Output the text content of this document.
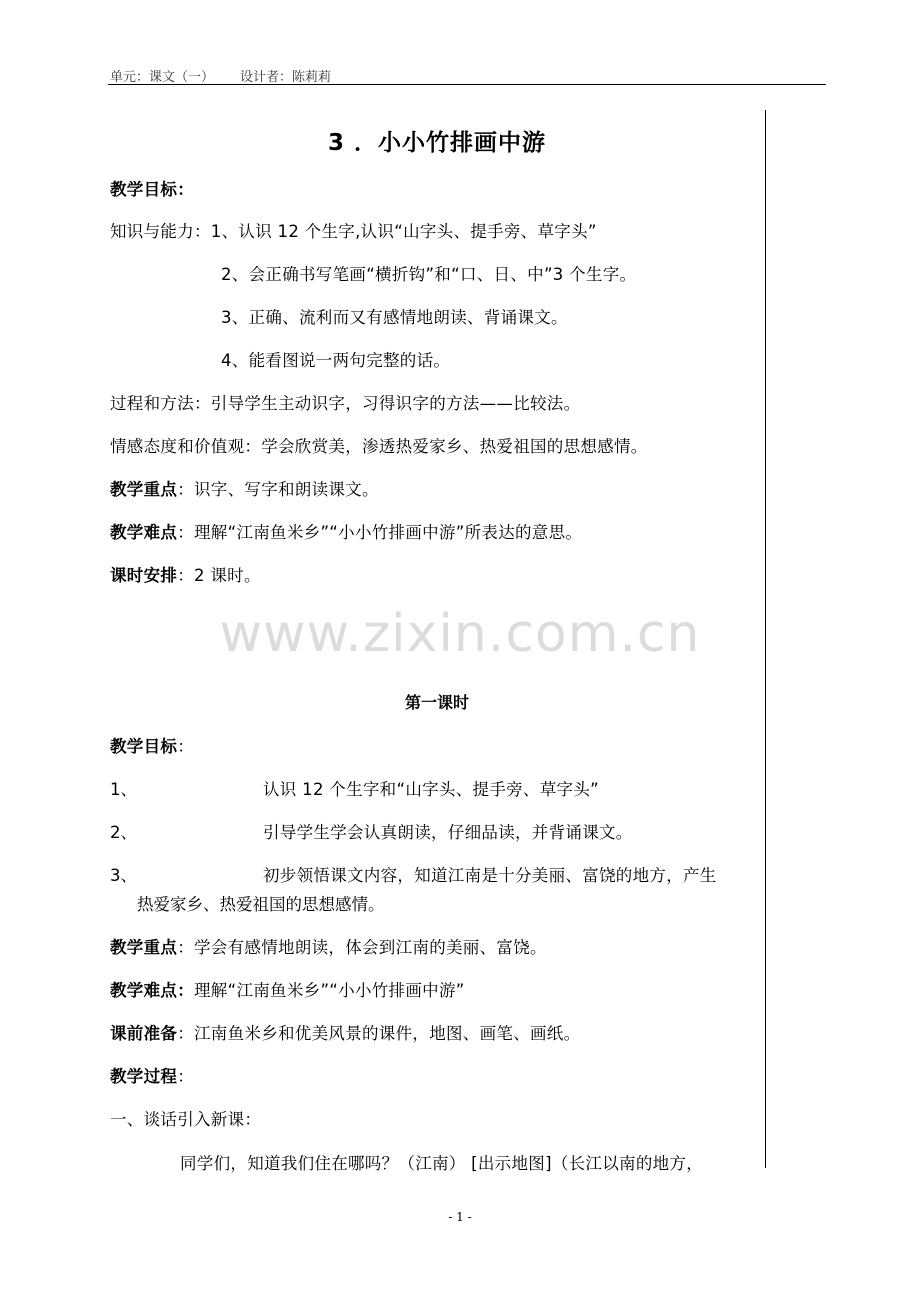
单元：课文（一） 设计者：陈莉莉
3 ．小小竹排画中游
教学目标：
知识与能力：1、认识 12 个生字,认识“山字头、提手旁、草字头”
2、会正确书写笔画“横折钩”和“口、日、中”3 个生字。
3、正确、流利而又有感情地朗读、背诵课文。
4、能看图说一两句完整的话。
过程和方法：引导学生主动识字，习得识字的方法——比较法。
情感态度和价值观：学会欣赏美，渗透热爱家乡、热爱祖国的思想感情。
教学重点：识字、写字和朗读课文。
教学难点：理解“江南鱼米乡”“小小竹排画中游”所表达的意思。
课时安排：2 课时。
www.zixin.com.cn
第一课时
教学目标：
1、	认识 12 个生字和“山字头、提手旁、草字头”
2、	引导学生学会认真朗读，仔细品读，并背诵课文。
3、	初步领悟课文内容，知道江南是十分美丽、富饶的地方，产生
热爱家乡、热爱祖国的思想感情。
教学重点：学会有感情地朗读，体会到江南的美丽、富饶。
教学难点：理解“江南鱼米乡”“小小竹排画中游”
课前准备：江南鱼米乡和优美风景的课件，地图、画笔、画纸。
教学过程：
一、谈话引入新课：
同学们，知道我们住在哪吗？（江南） [出示地图]（长江以南的地方，
- 1 -
